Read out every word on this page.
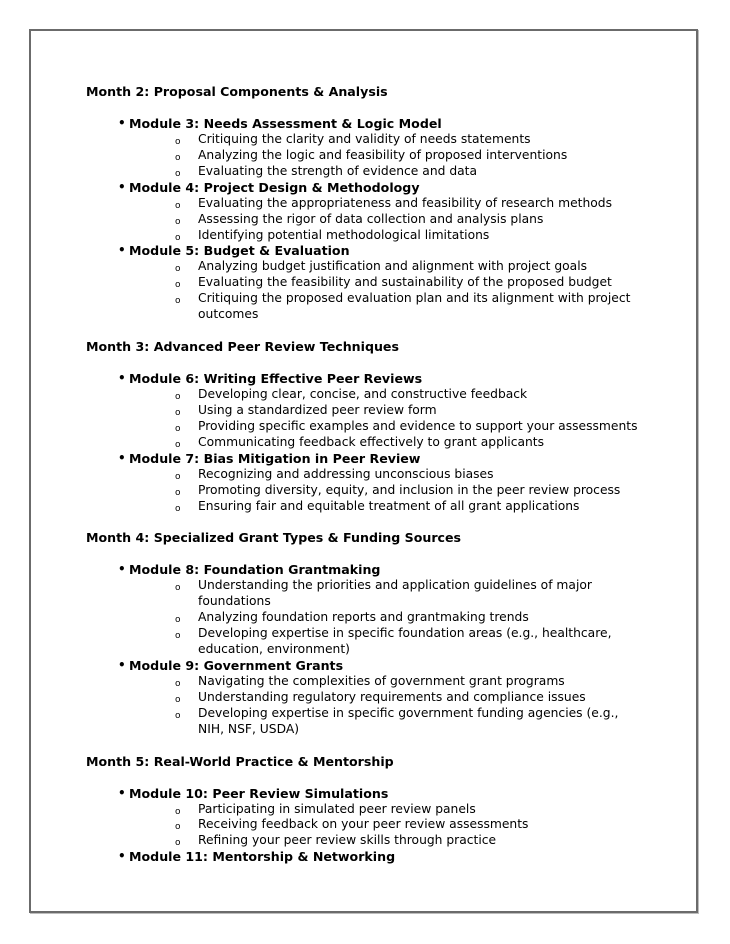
Month 2: Proposal Components & Analysis
• Module 3: Needs Assessment & Logic Model
o Critiquing the clarity and validity of needs statements
o Analyzing the logic and feasibility of proposed interventions
o Evaluating the strength of evidence and data
• Module 4: Project Design & Methodology
o Evaluating the appropriateness and feasibility of research methods
o Assessing the rigor of data collection and analysis plans
o Identifying potential methodological limitations
• Module 5: Budget & Evaluation
o Analyzing budget justification and alignment with project goals
o Evaluating the feasibility and sustainability of the proposed budget
o Critiquing the proposed evaluation plan and its alignment with project outcomes
Month 3: Advanced Peer Review Techniques
• Module 6: Writing Effective Peer Reviews
o Developing clear, concise, and constructive feedback
o Using a standardized peer review form
o Providing specific examples and evidence to support your assessments
o Communicating feedback effectively to grant applicants
• Module 7: Bias Mitigation in Peer Review
o Recognizing and addressing unconscious biases
o Promoting diversity, equity, and inclusion in the peer review process
o Ensuring fair and equitable treatment of all grant applications
Month 4: Specialized Grant Types & Funding Sources
• Module 8: Foundation Grantmaking
o Understanding the priorities and application guidelines of major foundations
o Analyzing foundation reports and grantmaking trends
o Developing expertise in specific foundation areas (e.g., healthcare, education, environment)
• Module 9: Government Grants
o Navigating the complexities of government grant programs
o Understanding regulatory requirements and compliance issues
o Developing expertise in specific government funding agencies (e.g., NIH, NSF, USDA)
Month 5: Real-World Practice & Mentorship
• Module 10: Peer Review Simulations
o Participating in simulated peer review panels
o Receiving feedback on your peer review assessments
o Refining your peer review skills through practice
• Module 11: Mentorship & Networking
